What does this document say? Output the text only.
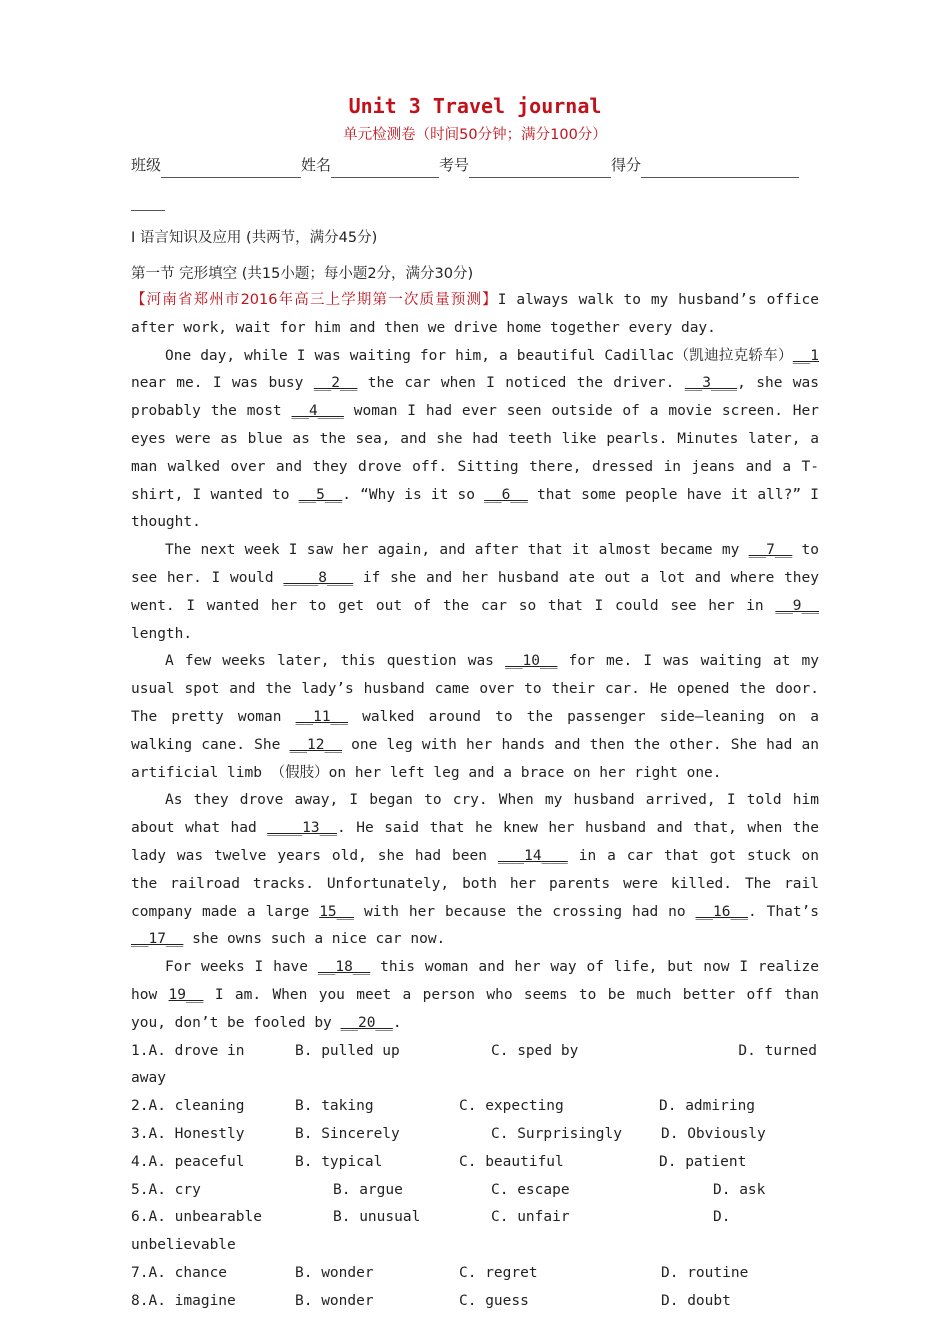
Unit 3 Travel journal
单元检测卷（时间50分钟；满分100分）
班级	姓名	考号	得分
I 语言知识及应用 (共两节，满分45分)
第一节 完形填空 (共15小题；每小题2分，满分30分)

【河南省郑州市2016年高三上学期第一次质量预测】I always walk to my husband’s office after work, wait for him and then we drive home together every day.

One day, while I was waiting for him, a beautiful Cadillac（凯迪拉克轿车）__1 near me. I was busy __2__ the car when I noticed the driver. __3___, she was probably the most __4___ woman I had ever seen outside of a movie screen. Her eyes were as blue as the sea, and she had teeth like pearls. Minutes later, a man walked over and they drove off. Sitting there, dressed in jeans and a T-shirt, I wanted to __5__. “Why is it so __6__ that some people have it all?” I thought.

The next week I saw her again, and after that it almost became my __7__ to see her. I would ____8___ if she and her husband ate out a lot and where they went. I wanted her to get out of the car so that I could see her in __9__ length.

A few weeks later, this question was __10__ for me. I was waiting at my usual spot and the lady’s husband came over to their car. He opened the door. The pretty woman __11__ walked around to the passenger side—leaning on a walking cane. She __12__ one leg with her hands and then the other. She had an artificial limb （假肢）on her left leg and a brace on her right one.

As they drove away, I began to cry. When my husband arrived, I told him about what had ____13__. He said that he knew her husband and that, when the lady was twelve years old, she had been ___14___ in a car that got stuck on the railroad tracks. Unfortunately, both her parents were killed. The rail company made a large 15__ with her because the crossing had no __16__. That’s __17__ she owns such a nice car now.

For weeks I have __18__ this woman and her way of life, but now I realize how 19__ I am. When you meet a person who seems to be much better off than you, don’t be fooled by __20__.

1.A. drove in	B. pulled up	C. sped by	D. turned
away
2.A. cleaning	B. taking	C. expecting	D. admiring
3.A. Honestly	B. Sincerely	C. Surprisingly	D. Obviously
4.A. peaceful	B. typical	C. beautiful	D. patient
5.A. cry	B. argue	C. escape	D. ask
6.A. unbearable	B. unusual	C. unfair	D.
unbelievable
7.A. chance	B. wonder	C. regret	D. routine
8.A. imagine	B. wonder	C. guess	D. doubt
